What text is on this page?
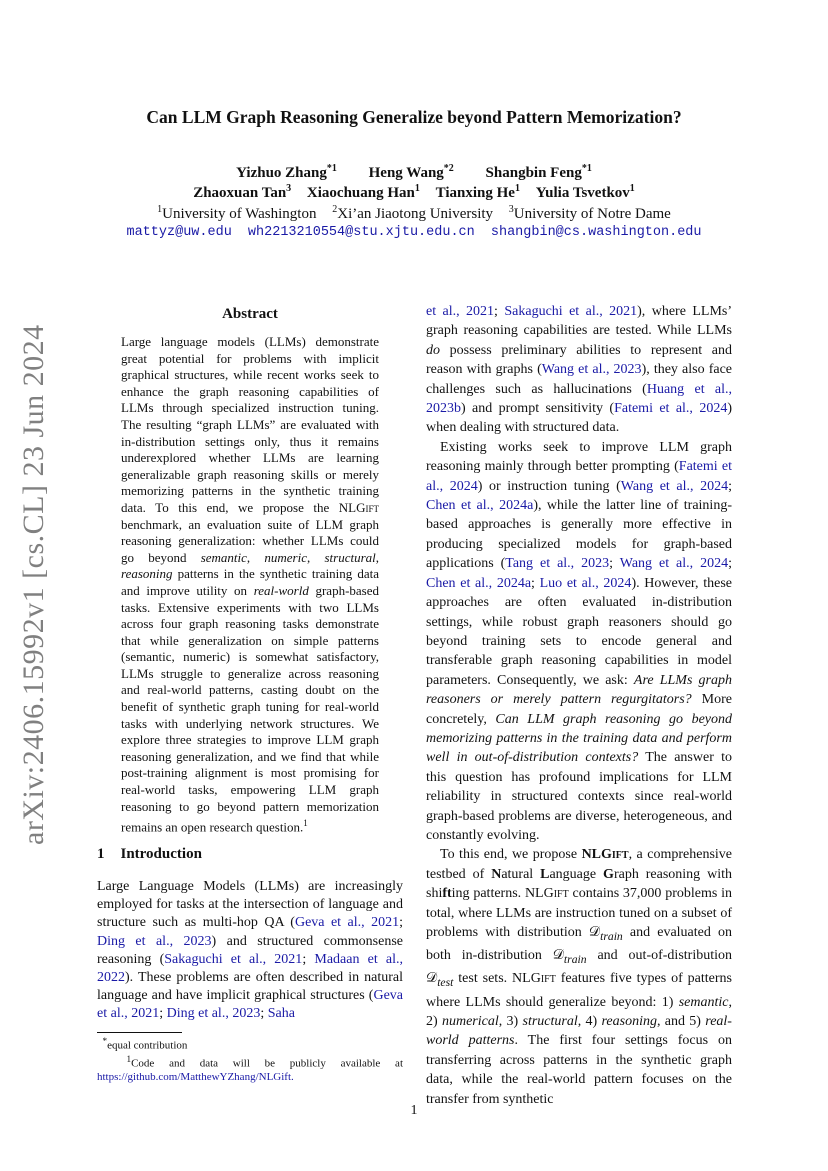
Can LLM Graph Reasoning Generalize beyond Pattern Memorization?
Yizhuo Zhang$^{*1}$ Heng Wang$^{*2}$ Shangbin Feng$^{*1}$
Zhaoxuan Tan$^3$ Xiaochuang Han$^1$ Tianxing He$^1$ Yulia Tsvetkov$^1$
$^1$University of Washington $^2$Xi’an Jiaotong University $^3$University of Notre Dame
mattyz@uw.edu wh2213210554@stu.xjtu.edu.cn shangbin@cs.washington.edu
arXiv:2406.15992v1 [cs.CL] 23 Jun 2024
Abstract
Large language models (LLMs) demonstrate great potential for problems with implicit graphical structures, while recent works seek to enhance the graph reasoning capabilities of LLMs through specialized instruction tuning. The resulting “graph LLMs” are evaluated with in-distribution settings only, thus it remains underexplored whether LLMs are learning generalizable graph reasoning skills or merely memorizing patterns in the synthetic training data. To this end, we propose the NLGift benchmark, an evaluation suite of LLM graph reasoning generalization: whether LLMs could go beyond semantic, numeric, structural, reasoning patterns in the synthetic training data and improve utility on real-world graph-based tasks. Extensive experiments with two LLMs across four graph reasoning tasks demonstrate that while generalization on simple patterns (semantic, numeric) is somewhat satisfactory, LLMs struggle to generalize across reasoning and real-world patterns, casting doubt on the benefit of synthetic graph tuning for real-world tasks with underlying network structures. We explore three strategies to improve LLM graph reasoning generalization, and we find that while post-training alignment is most promising for real-world tasks, empowering LLM graph reasoning to go beyond pattern memorization remains an open research question.$^1$
1 Introduction
Large Language Models (LLMs) are increasingly employed for tasks at the intersection of language and structure such as multi-hop QA (Geva et al., 2021; Ding et al., 2023) and structured commonsense reasoning (Sakaguchi et al., 2021; Madaan et al., 2022). These problems are often described in natural language and have implicit graphical structures (Geva et al., 2021; Ding et al., 2023; Saha
*equal contribution
$^1$Code and data will be publicly available at
https://github.com/MatthewYZhang/NLGift.

et al., 2021; Sakaguchi et al., 2021), where LLMs’ graph reasoning capabilities are tested. While LLMs do possess preliminary abilities to represent and reason with graphs (Wang et al., 2023), they also face challenges such as hallucinations (Huang et al., 2023b) and prompt sensitivity (Fatemi et al., 2024) when dealing with structured data.

Existing works seek to improve LLM graph reasoning mainly through better prompting (Fatemi et al., 2024) or instruction tuning (Wang et al., 2024; Chen et al., 2024a), while the latter line of training-based approaches is generally more effective in producing specialized models for graph-based applications (Tang et al., 2023; Wang et al., 2024; Chen et al., 2024a; Luo et al., 2024). However, these approaches are often evaluated in-distribution settings, while robust graph reasoners should go beyond training sets to encode general and transferable graph reasoning capabilities in model parameters. Consequently, we ask: Are LLMs graph reasoners or merely pattern regurgitators? More concretely, Can LLM graph reasoning go beyond memorizing patterns in the training data and perform well in out-of-distribution contexts? The answer to this question has profound implications for LLM reliability in structured contexts since real-world graph-based problems are diverse, heterogeneous, and constantly evolving.

To this end, we propose NLGift, a comprehensive testbed of Natural Language Graph reasoning with shifting patterns. NLGift contains 37,000 problems in total, where LLMs are instruction tuned on a subset of problems with distribution 𝒟$_{train}$ and evaluated on both in-distribution 𝒟$_{train}$ and out-of-distribution 𝒟$_{test}$ test sets. NLGift features five types of patterns where LLMs should generalize beyond: 1) semantic, 2) numerical, 3) structural, 4) reasoning, and 5) real-world patterns. The first four settings focus on transferring across patterns in the synthetic graph data, while the real-world pattern focuses on the transfer from synthetic

1
